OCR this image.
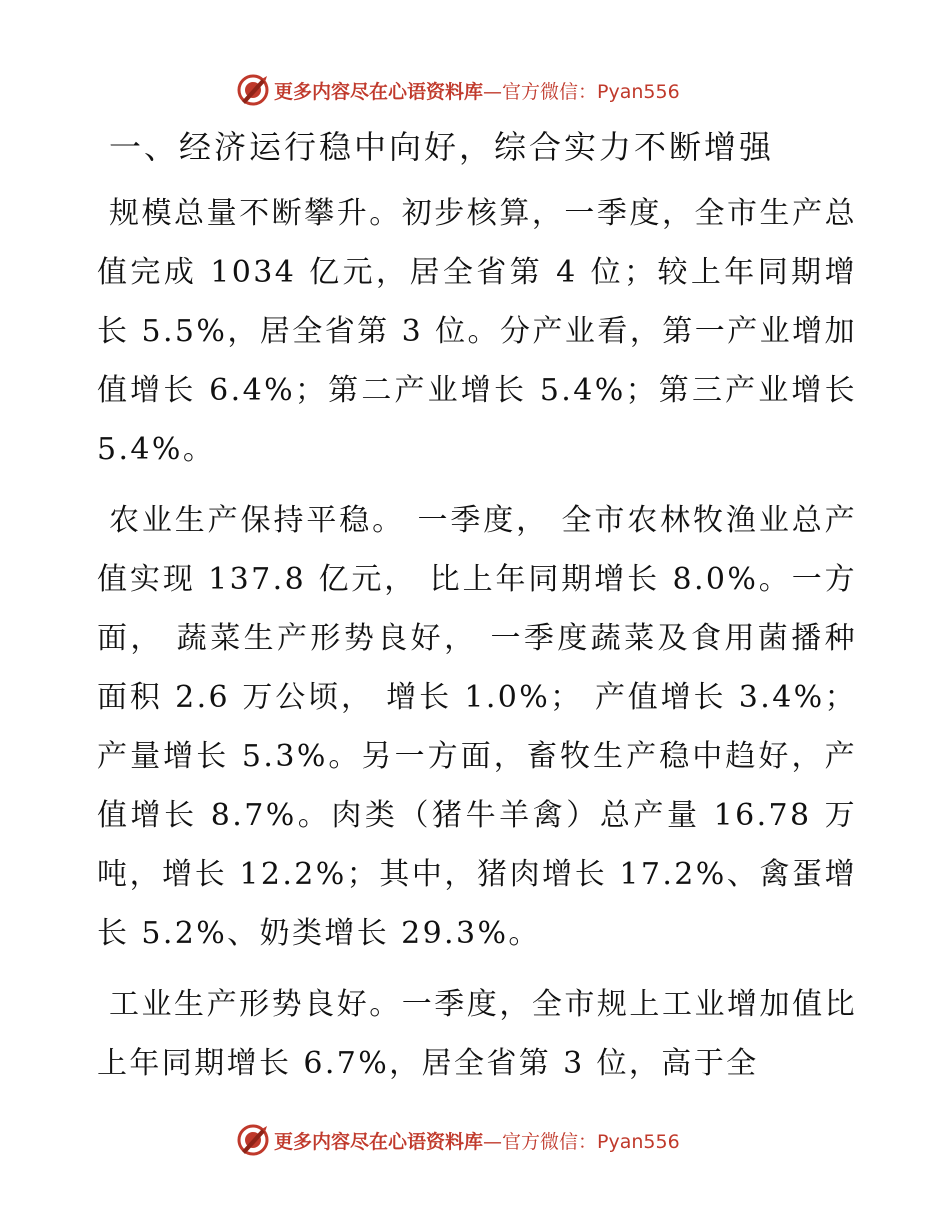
更多内容尽在心语资料库 —官方微信：Pyan556
一、经济运行稳中向好，综合实力不断增强

规模总量不断攀升。初步核算，一季度，全市生产总值完成 1034 亿元，居全省第 4 位；较上年同期增长 5.5%，居全省第 3 位。分产业看，第一产业增加值增长 6.4%；第二产业增长 5.4%；第三产业增长 5.4%。

农业生产保持平稳。 一季度， 全市农林牧渔业总产值实现 137.8 亿元， 比上年同期增长 8.0%。一方面， 蔬菜生产形势良好， 一季度蔬菜及食用菌播种面积 2.6 万公顷， 增长 1.0%； 产值增长 3.4%；产量增长 5.3%。另一方面，畜牧生产稳中趋好，产值增长 8.7%。肉类（猪牛羊禽）总产量 16.78 万吨，增长 12.2%；其中，猪肉增长 17.2%、禽蛋增长 5.2%、奶类增长 29.3%。

工业生产形势良好。一季度，全市规上工业增加值比上年同期增长 6.7%，居全省第 3 位，高于全

更多内容尽在心语资料库 —官方微信：Pyan556
